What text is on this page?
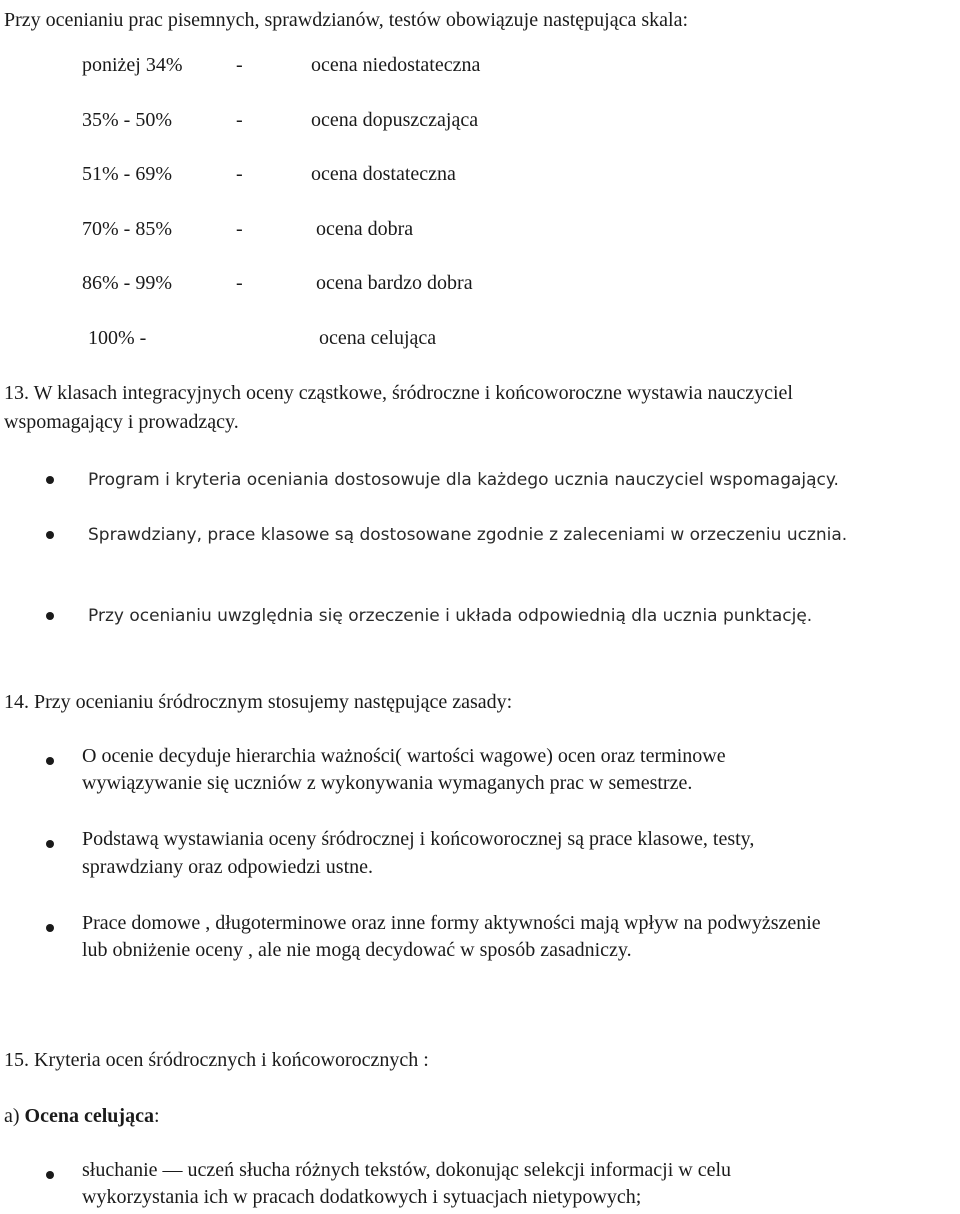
Przy ocenianiu prac pisemnych, sprawdzianów, testów obowiązuje następująca skala:
poniżej 34%	-	ocena niedostateczna
35% - 50%	-	ocena dopuszczająca
51% - 69%	-	ocena dostateczna
70% - 85%	-	ocena dobra
86% - 99%	-	ocena bardzo dobra
100% -	ocena celująca
13. W klasach integracyjnych oceny cząstkowe, śródroczne i końcoworoczne wystawia nauczyciel
wspomagający i prowadzący.
Program i kryteria oceniania dostosowuje dla każdego ucznia nauczyciel wspomagający.
Sprawdziany, prace klasowe są dostosowane zgodnie z zaleceniami w orzeczeniu ucznia.
Przy ocenianiu uwzględnia się orzeczenie i układa odpowiednią dla ucznia punktację.
14. Przy ocenianiu śródrocznym stosujemy następujące zasady:
O ocenie decyduje hierarchia ważności( wartości wagowe) ocen oraz terminowe
wywiązywanie się uczniów z wykonywania wymaganych prac w semestrze.
Podstawą wystawiania oceny śródrocznej i końcoworocznej są prace klasowe, testy,
sprawdziany oraz odpowiedzi ustne.
Prace domowe , długoterminowe oraz inne formy aktywności mają wpływ na podwyższenie
lub obniżenie oceny , ale nie mogą decydować w sposób zasadniczy.
15. Kryteria ocen śródrocznych i końcoworocznych :
a) Ocena celująca:
słuchanie — uczeń słucha różnych tekstów, dokonując selekcji informacji w celu
wykorzystania ich w pracach dodatkowych i sytuacjach nietypowych;
